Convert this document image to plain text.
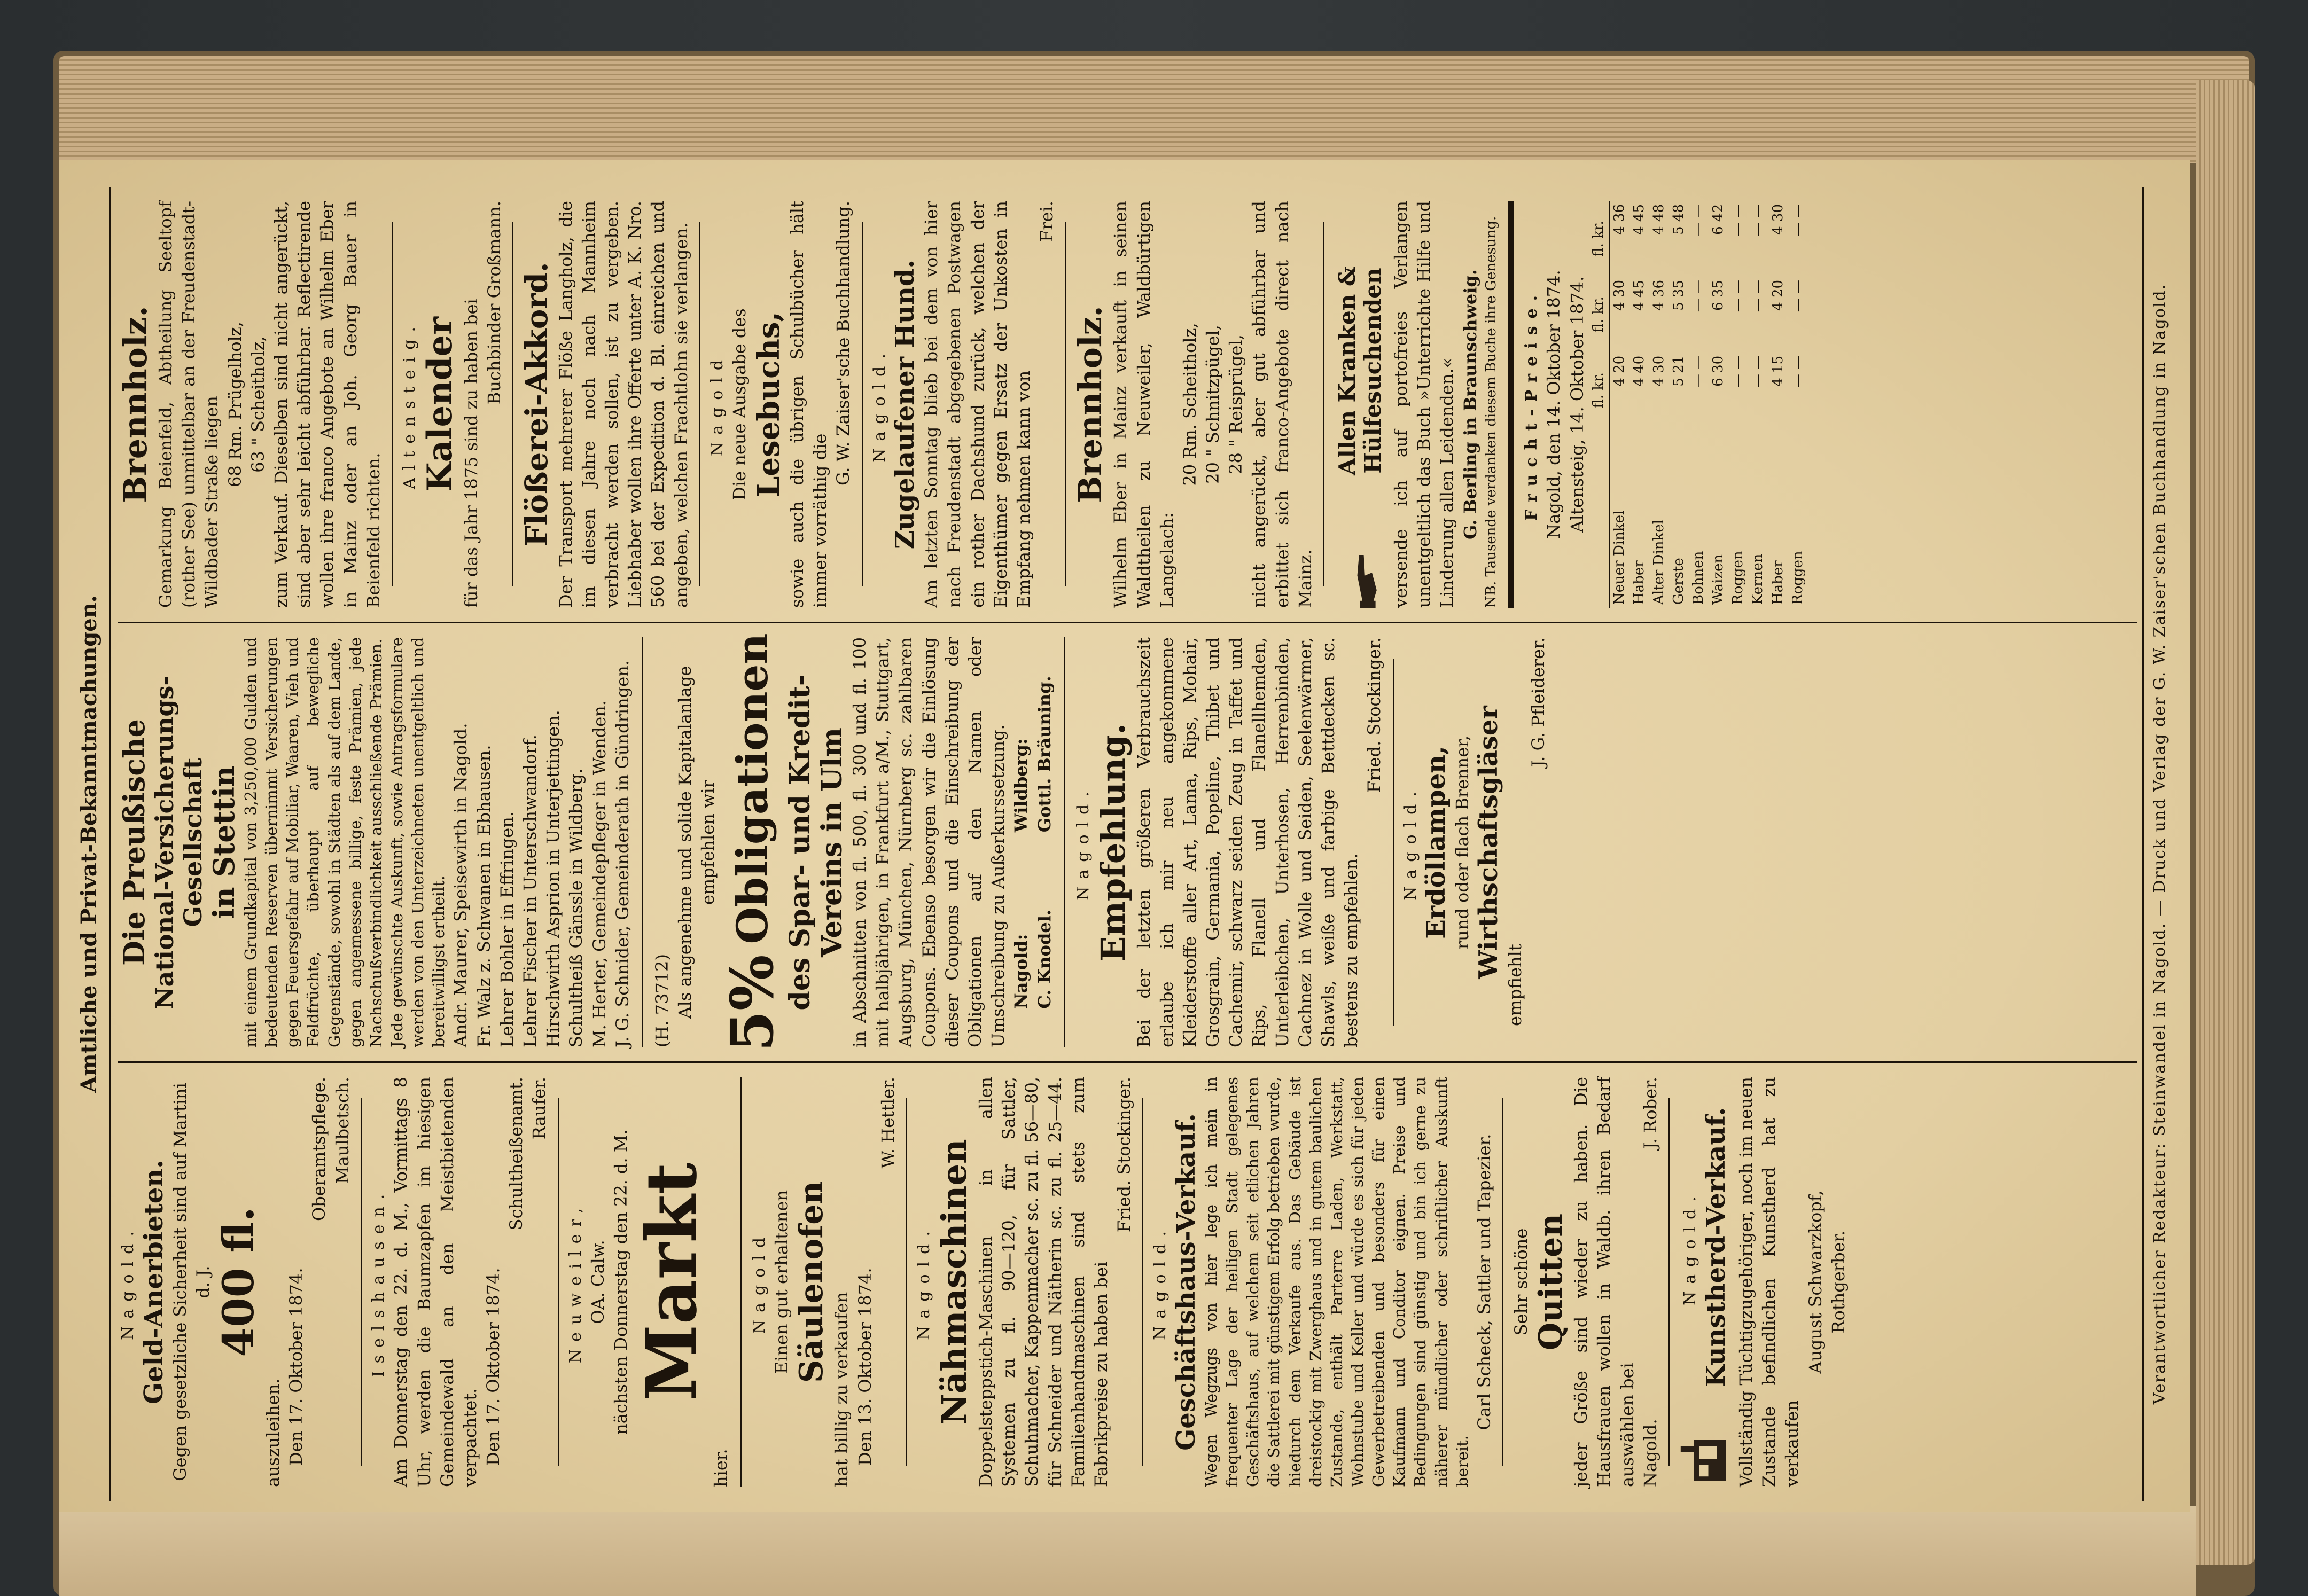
Amtliche und Privat-Bekanntmachungen.
Nagold. Geld-Anerbieten. Gegen gesetzliche Sicherheit sind auf Martini d. J. 400 fl.
auszuleihen. Den 17. Oktober 1874.
Oberamtspflege. Maulbetsch.
Iselshausen. Am Donnerstag den 22. d. M., Vormittags 8 Uhr, werden die Baumzapfen im hiesigen Gemeindewald an den Meistbietenden verpachtet. Den 17. Oktober 1874.
Schultheißenamt. Raufer.
Neuweiler, OA. Calw. nächsten Donnerstag den 22. d. M.
Markt
hier.
Nagold Einen gut erhaltenen Säulenofen
hat billig zu verkaufen Den 13. Oktober 1874.
W. Hettler.
Nagold. Nähmaschinen Doppelsteppstich-Maschinen in allen Systemen zu fl. 90—120, für Sattler, Schuhmacher, Kappenmacher sc. zu fl. 56—80, für Schneider und Nätherin sc. zu fl. 25—44. Familienhandmaschinen sind stets zum Fabrikpreise zu haben bei
Fried. Stockinger.
Nagold. Geschäftshaus-Verkauf. Wegen Wegzugs von hier lege ich mein in frequenter Lage der heiligen Stadt gelegenes Geschäftshaus, auf welchem seit etlichen Jahren die Sattlerei mit günstigem Erfolg betrieben wurde, hiedurch dem Verkaufe aus. Das Gebäude ist dreistockig mit Zwerghaus und in gutem baulichen Zustande, enthält Parterre Laden, Werkstatt, Wohnstube und Keller und würde es sich für jeden Gewerbetreibenden und besonders für einen Kaufmann und Conditor eignen. Preise und Bedingungen sind günstig und bin ich gerne zu näherer mündlicher oder schriftlicher Auskunft bereit.
Carl Scheck, Sattler und Tapezier. Sehr schöne Quitten jeder Größe sind wieder zu haben. Die Hausfrauen wollen in Waldb. ihren Bedarf auswählen bei Nagold.
J. Rober.
Nagold. Kunstherd-Verkauf. Vollständig Tüchtigzugehöriger, noch im neuen Zustande befindlichen Kunstherd hat zu verkaufen
August Schwarzkopf, Rothgerber.
Die Preußische
National-Versicherungs-Gesellschaft
in Stettin mit einem Grundkapital von 3,250,000 Gulden und bedeutenden Reserven übernimmt Versicherungen gegen Feuersgefahr auf Mobiliar, Waaren, Vieh und Feldfrüchte, überhaupt auf bewegliche Gegenstände, sowohl in Städten als auf dem Lande, gegen angemessene billige, feste Prämien, jede Nachschußverbindlichkeit ausschließende Prämien. Jede gewünschte Auskunft, sowie Antragsformulare werden von den Unterzeichneten unentgeltlich und bereitwilligst ertheilt. Andr. Maurer, Speisewirth in Nagold. Fr. Walz z. Schwanen in Ebhausen. Lehrer Bohler in Effringen. Lehrer Fischer in Unterschwandorf. Hirschwirth Asprion in Unterjettingen. Schultheiß Gänssle in Wildberg. M. Herter, Gemeindepfleger in Wenden. J. G. Schnider, Gemeinderath in Gündringen. (H. 73712) Als angenehme und solide Kapitalanlage empfehlen wir
5%
Obligationen des Spar- und Kredit-Vereins in Ulm in Abschnitten von fl. 500, fl. 300 und fl. 100 mit halbjährigen, in Frankfurt a/M., Stuttgart, Augsburg, München, Nürnberg sc. zahlbaren Coupons. Ebenso besorgen wir die Einlösung dieser Coupons und die Einschreibung der Obligationen auf den Namen oder Umschreibung zu Außerkurssetzung. Nagold: C. Knodel.
Wildberg: Gottl. Bräuning.
Nagold. Empfehlung. Bei der letzten größeren Verbrauchszeit erlaube ich mir neu angekommene Kleiderstoffe aller Art, Lama, Rips, Mohair, Grosgrain, Germania, Popeline, Thibet und Cachemir, schwarz seiden Zeug in Taffet und Rips, Flanell und Flanellhemden, Unterleibchen, Unterhosen, Herrenbinden, Cachnez in Wolle und Seiden, Seelenwärmer, Shawls, weiße und farbige Bettdecken sc. bestens zu empfehlen.
Fried. Stockinger.
Nagold. Erdöllampen, rund oder flach Brenner, Wirthschaftsgläser
empfiehlt
J. G. Pfleiderer.
Brennholz. Gemarkung Beienfeld, Abtheilung Seeltopf (rother See) unmittelbar an der Freudenstadt-Wildbader Straße liegen 68 Rm. Prügelholz, 63 " Scheitholz, zum Verkauf. Dieselben sind nicht angerückt, sind aber sehr leicht abführbar. Reflectirende wollen ihre franco Angebote an Wilhelm Eber in Mainz oder an Joh. Georg Bauer in Beienfeld richten.
Altensteig. Kalender für das Jahr 1875 sind zu haben bei Buchbinder Großmann. Flößerei-Akkord. Der Transport mehrerer Flöße Langholz, die im diesen Jahre noch nach Mannheim verbracht werden sollen, ist zu vergeben. Liebhaber wollen ihre Offerte unter A. K. Nro. 560 bei der Expedition d. Bl. einreichen und angeben, welchen Frachtlohn sie verlangen. Nagold Die neue Ausgabe des Lesebuchs, sowie auch die übrigen Schulbücher hält immer vorräthig die
G. W. Zaiser'sche Buchhandlung. Nagold. Zugelaufener Hund. Am letzten Sonntag blieb bei dem von hier nach Freudenstadt abgegebenen Postwagen ein rother Dachshund zurück, welchen der Eigenthümer gegen Ersatz der Unkosten in Empfang nehmen kann von
Frei.
Brennholz. Wilhelm Eber in Mainz verkauft in seinen Waldtheilen zu Neuweiler, Waldbürtigen Langelach:
20 Rm. Scheitholz, 20 " Schnitzpügel, 28 " Reisprügel, nicht angerückt, aber gut abführbar und erbittet sich franco-Angebote direct nach Mainz.
Allen Kranken & Hülfesuchenden versende ich auf portofreies Verlangen unentgeltlich das Buch »Unterrichte Hilfe und Linderung allen Leidenden.« G. Berling in Braunschweig. NB. Tausende verdanken diesem Buche ihre Genesung. Frucht-Preise. Nagold, den 14. Oktober 1874. Altensteig, 14. Oktober 1874.
	fl. kr.	fl. kr.	fl. kr.
Neuer Dinkel	4 20	4 30	4 36
Haber	4 40	4 45	4 45
Alter Dinkel	4 30	4 36	4 48
Gerste	5 21	5 35	5 48
Bohnen	— —	— —	— —
Waizen	6 30	6 35	6 42
Roggen	— —	— —	— —
Kernen	— —	— —	— —
Haber	4 15	4 20	4 30
Roggen	— —	— —	— —
Verantwortlicher Redakteur: Steinwandel in Nagold. — Druck und Verlag der G. W. Zaiser'schen Buchhandlung in Nagold.
